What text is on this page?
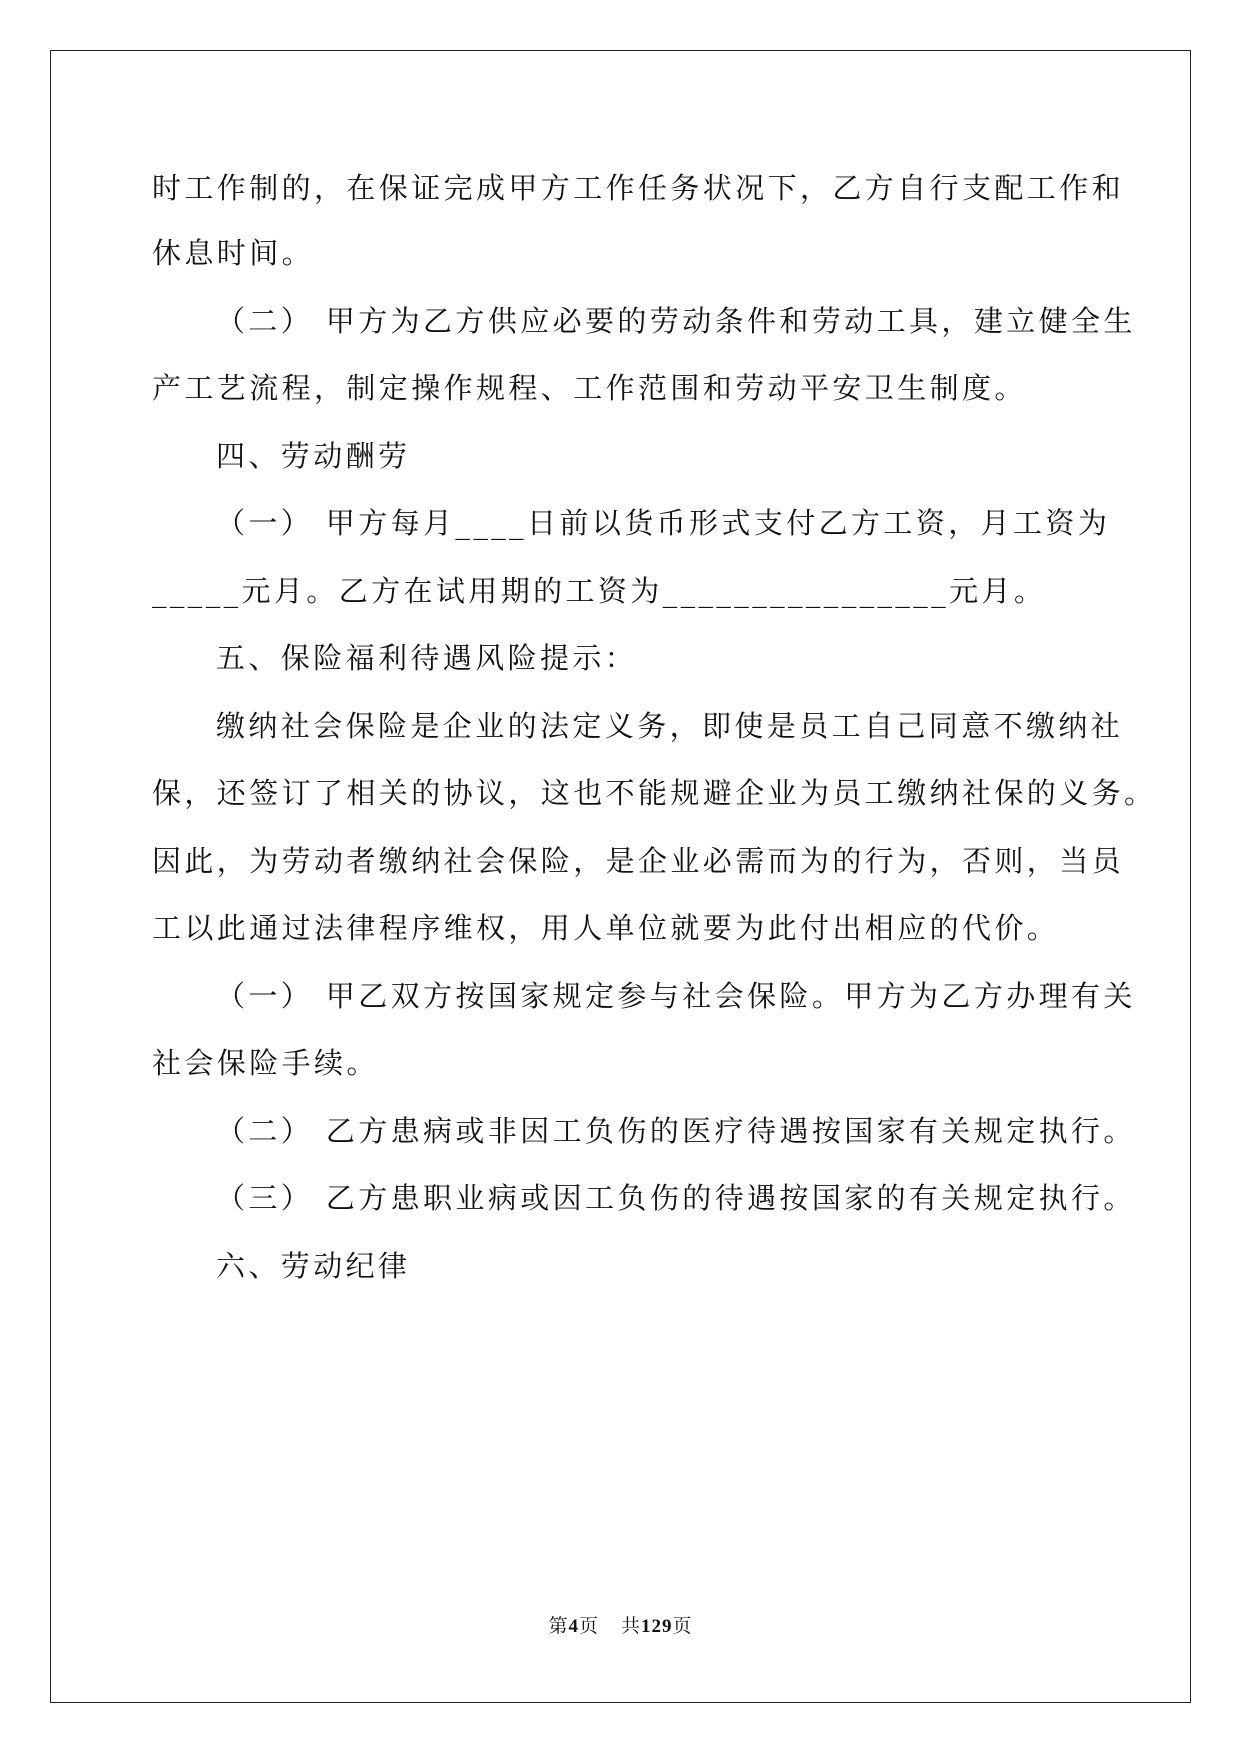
时工作制的，在保证完成甲方工作任务状况下，乙方自行支配工作和
休息时间。
（二） 甲方为乙方供应必要的劳动条件和劳动工具，建立健全生
产工艺流程，制定操作规程、工作范围和劳动平安卫生制度。
四、劳动酬劳
（一） 甲方每月____日前以货币形式支付乙方工资，月工资为
_____元月。乙方在试用期的工资为________________元月。
五、保险福利待遇风险提示：
缴纳社会保险是企业的法定义务，即使是员工自己同意不缴纳社
保，还签订了相关的协议，这也不能规避企业为员工缴纳社保的义务。
因此，为劳动者缴纳社会保险，是企业必需而为的行为，否则，当员
工以此通过法律程序维权，用人单位就要为此付出相应的代价。
（一） 甲乙双方按国家规定参与社会保险。甲方为乙方办理有关
社会保险手续。
（二） 乙方患病或非因工负伤的医疗待遇按国家有关规定执行。
（三） 乙方患职业病或因工负伤的待遇按国家的有关规定执行。
六、劳动纪律
第4页 共129页
